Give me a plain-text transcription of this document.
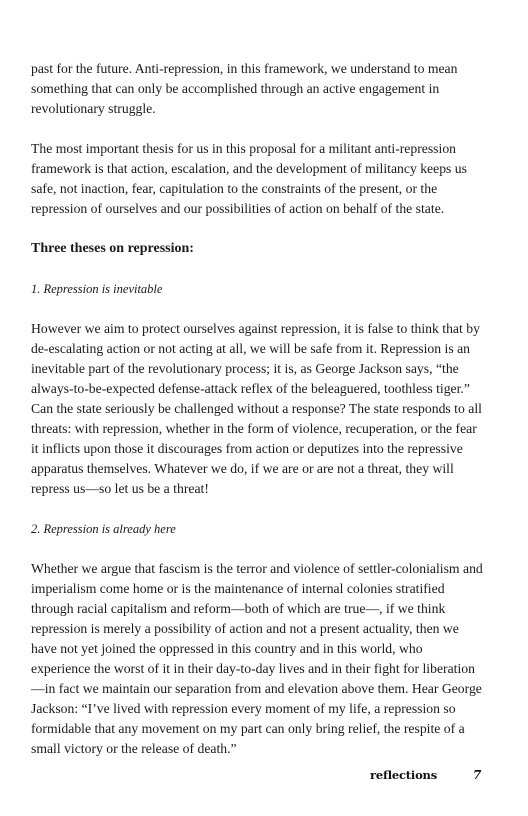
past for the future. Anti-repression, in this framework, we understand to mean something that can only be accomplished through an active engagement in revolutionary struggle.

The most important thesis for us in this proposal for a militant anti-repression framework is that action, escalation, and the development of militancy keeps us safe, not inaction, fear, capitulation to the constraints of the present, or the repression of ourselves and our possibilities of action on behalf of the state.

Three theses on repression:

1. Repression is inevitable

However we aim to protect ourselves against repression, it is false to think that by de-escalating action or not acting at all, we will be safe from it. Repression is an inevitable part of the revolutionary process; it is, as George Jackson says, “the always-to-be-expected defense-attack reflex of the beleaguered, toothless tiger.” Can the state seriously be challenged without a response? The state responds to all threats: with repression, whether in the form of violence, recuperation, or the fear it inflicts upon those it discourages from action or deputizes into the repressive apparatus themselves. Whatever we do, if we are or are not a threat, they will repress us—so let us be a threat!

2. Repression is already here

Whether we argue that fascism is the terror and violence of settler-colonialism and imperialism come home or is the maintenance of internal colonies stratified through racial capitalism and reform—both of which are true—, if we think repression is merely a possibility of action and not a present actuality, then we have not yet joined the oppressed in this country and in this world, who experience the worst of it in their day-to-day lives and in their fight for liberation—in fact we maintain our separation from and elevation above them. Hear George Jackson: “I’ve lived with repression every moment of my life, a repression so formidable that any movement on my part can only bring relief, the respite of a small victory or the release of death.”

reflections	7
